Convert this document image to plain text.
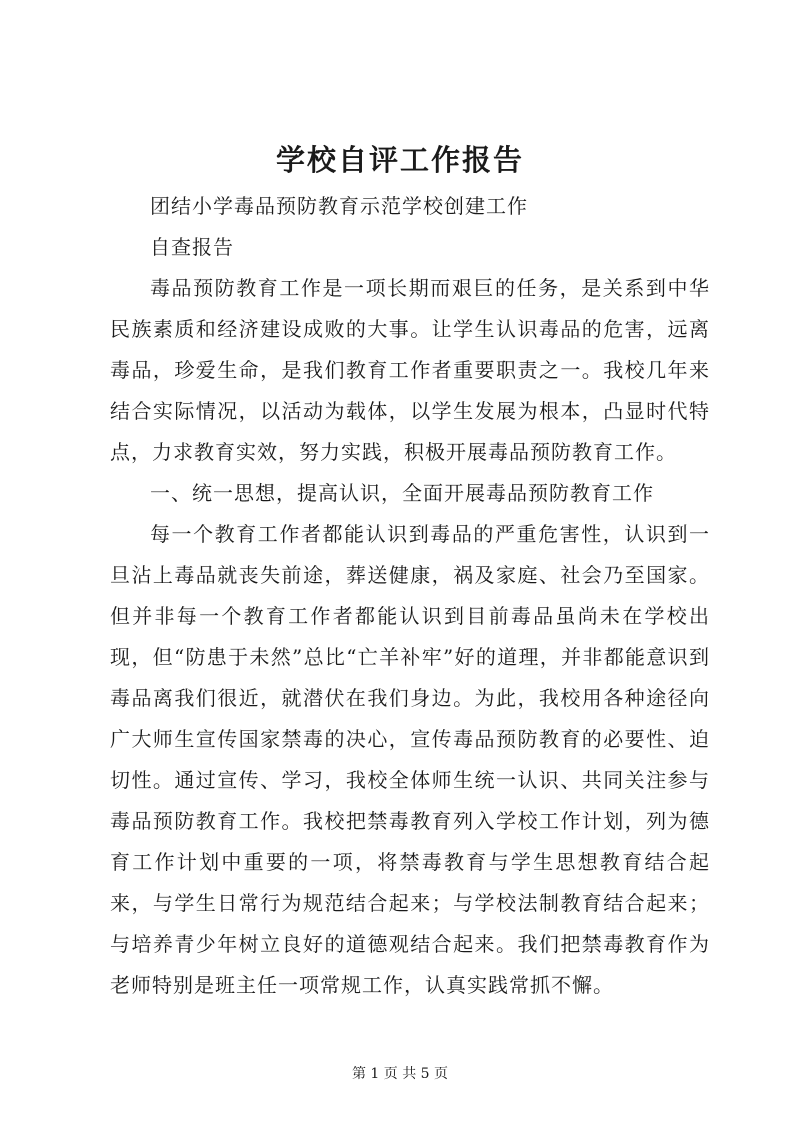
学校自评工作报告

团结小学毒品预防教育示范学校创建工作

自查报告

毒品预防教育工作是一项长期而艰巨的任务，是关系到中华民族素质和经济建设成败的大事。让学生认识毒品的危害，远离毒品，珍爱生命，是我们教育工作者重要职责之一。我校几年来结合实际情况，以活动为载体，以学生发展为根本，凸显时代特点，力求教育实效，努力实践，积极开展毒品预防教育工作。

一、统一思想，提高认识，全面开展毒品预防教育工作

每一个教育工作者都能认识到毒品的严重危害性，认识到一旦沾上毒品就丧失前途，葬送健康，祸及家庭、社会乃至国家。但并非每一个教育工作者都能认识到目前毒品虽尚未在学校出现，但“防患于未然”总比“亡羊补牢”好的道理，并非都能意识到毒品离我们很近，就潜伏在我们身边。为此，我校用各种途径向广大师生宣传国家禁毒的决心，宣传毒品预防教育的必要性、迫切性。通过宣传、学习，我校全体师生统一认识、共同关注参与毒品预防教育工作。我校把禁毒教育列入学校工作计划，列为德育工作计划中重要的一项，将禁毒教育与学生思想教育结合起来，与学生日常行为规范结合起来；与学校法制教育结合起来；与培养青少年树立良好的道德观结合起来。我们把禁毒教育作为老师特别是班主任一项常规工作，认真实践常抓不懈。

第 1 页 共 5 页
